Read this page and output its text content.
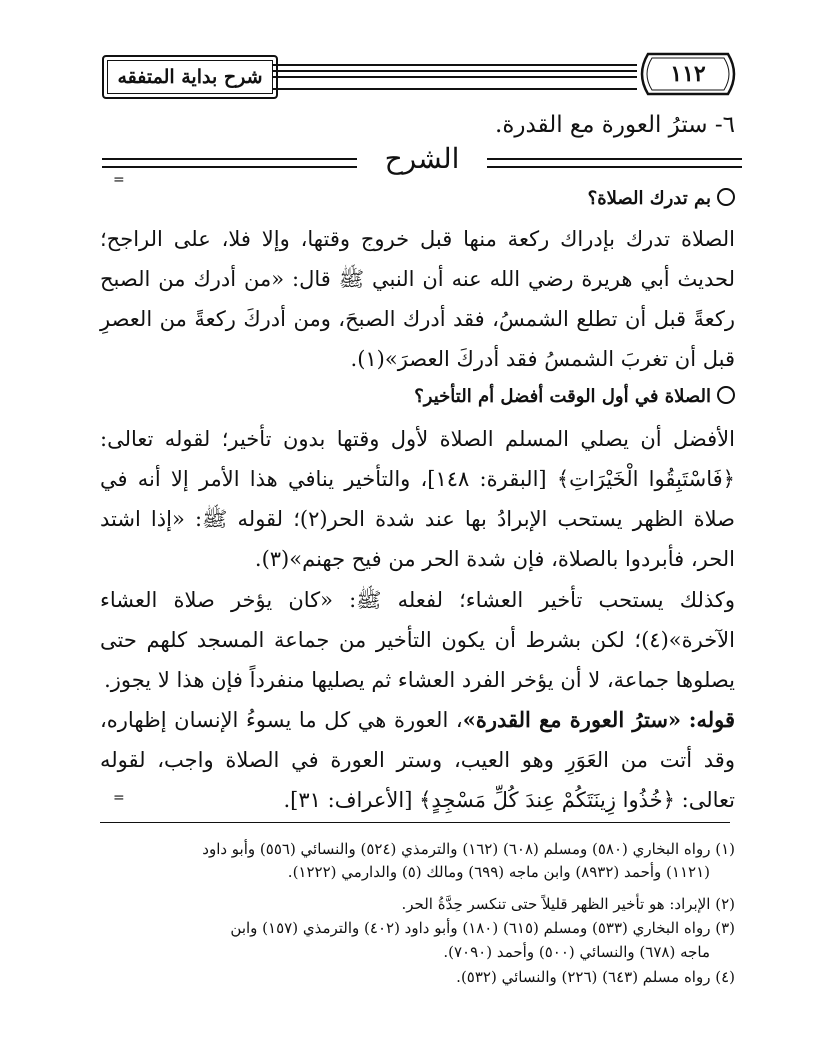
شرح بداية المتفقه	١١٢
٦- سترُ العورة مع القدرة.
الشرح
=
بم تدرك الصلاة؟
الصلاة تدرك بإدراك ركعة منها قبل خروج وقتها، وإلا فلا، على الراجح؛ لحديث أبي هريرة رضي الله عنه أن النبي ﷺ قال: «من أدرك من الصبح ركعةً قبل أن تطلع الشمسُ، فقد أدرك الصبحَ، ومن أدركَ ركعةً من العصرِ قبل أن تغربَ الشمسُ فقد أدركَ العصرَ»(١).
الصلاة في أول الوقت أفضل أم التأخير؟
الأفضل أن يصلي المسلم الصلاة لأول وقتها بدون تأخير؛ لقوله تعالى: ﴿فَاسْتَبِقُوا الْخَيْرَاتِ﴾ [البقرة: ١٤٨]، والتأخير ينافي هذا الأمر إلا أنه في صلاة الظهر يستحب الإبرادُ بها عند شدة الحر(٢)؛ لقوله ﷺ: «إذا اشتد الحر، فأبردوا بالصلاة، فإن شدة الحر من فيح جهنم»(٣).
وكذلك يستحب تأخير العشاء؛ لفعله ﷺ: «كان يؤخر صلاة العشاء الآخرة»(٤)؛ لكن بشرط أن يكون التأخير من جماعة المسجد كلهم حتى يصلوها جماعة، لا أن يؤخر الفرد العشاء ثم يصليها منفرداً فإن هذا لا يجوز.
قوله: «سترُ العورة مع القدرة»، العورة هي كل ما يسوءُ الإنسان إظهاره، وقد أتت من العَوَرِ وهو العيب، وستر العورة في الصلاة واجب، لقوله تعالى: ﴿خُذُوا زِينَتَكُمْ عِندَ كُلِّ مَسْجِدٍ﴾ [الأعراف: ٣١].
=
(١) رواه البخاري (٥٨٠) ومسلم (٦٠٨) (١٦٢) والترمذي (٥٢٤) والنسائي (٥٥٦) وأبو داود
(١١٢١) وأحمد (٨٩٣٢) وابن ماجه (٦٩٩) ومالك (٥) والدارمي (١٢٢٢).
(٢) الإبراد: هو تأخير الظهر قليلاً حتى تنكسر حِدَّةُ الحر.
(٣) رواه البخاري (٥٣٣) ومسلم (٦١٥) (١٨٠) وأبو داود (٤٠٢) والترمذي (١٥٧) وابن
ماجه (٦٧٨) والنسائي (٥٠٠) وأحمد (٧٠٩٠).
(٤) رواه مسلم (٦٤٣) (٢٢٦) والنسائي (٥٣٢).
